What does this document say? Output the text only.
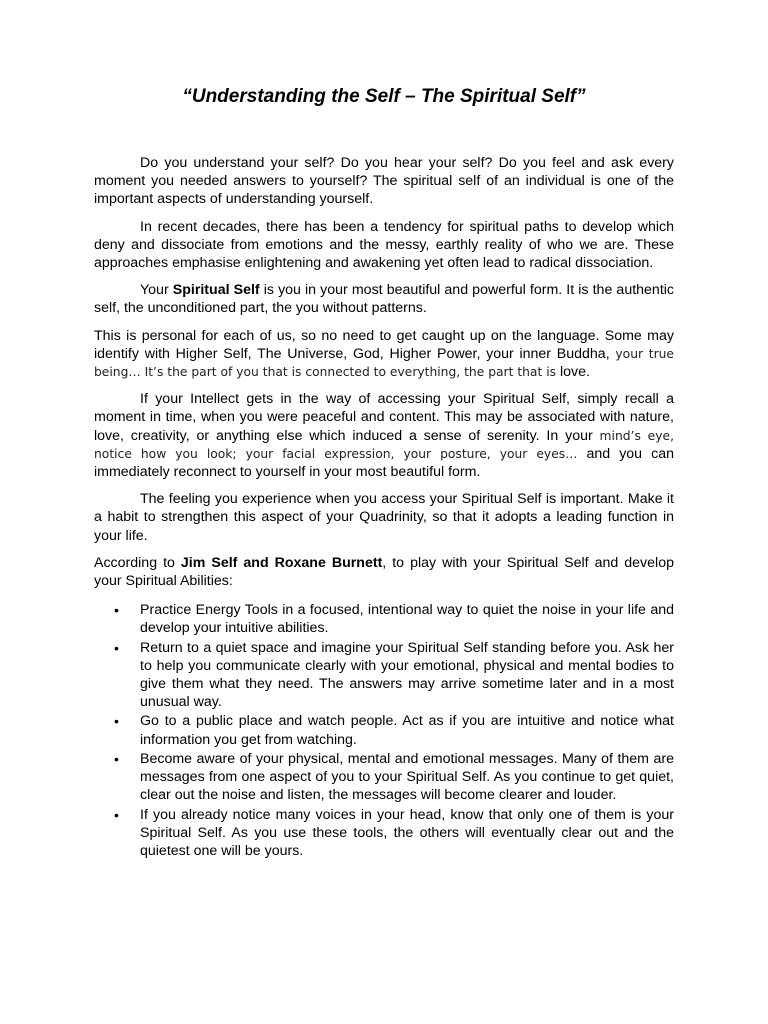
“Understanding the Self – The Spiritual Self”

Do you understand your self? Do you hear your self? Do you feel and ask every moment you needed answers to yourself? The spiritual self of an individual is one of the important aspects of understanding yourself.

In recent decades, there has been a tendency for spiritual paths to develop which deny and dissociate from emotions and the messy, earthly reality of who we are. These approaches emphasise enlightening and awakening yet often lead to radical dissociation.

Your Spiritual Self is you in your most beautiful and powerful form. It is the authentic self, the unconditioned part, the you without patterns.

This is personal for each of us, so no need to get caught up on the language. Some may identify with Higher Self, The Universe, God, Higher Power, your inner Buddha, your true being… It’s the part of you that is connected to everything, the part that is love.

If your Intellect gets in the way of accessing your Spiritual Self, simply recall a moment in time, when you were peaceful and content. This may be associated with nature, love, creativity, or anything else which induced a sense of serenity. In your mind’s eye, notice how you look; your facial expression, your posture, your eyes… and you can immediately reconnect to yourself in your most beautiful form.

The feeling you experience when you access your Spiritual Self is important. Make it a habit to strengthen this aspect of your Quadrinity, so that it adopts a leading function in your life.

According to Jim Self and Roxane Burnett, to play with your Spiritual Self and develop your Spiritual Abilities:

• Practice Energy Tools in a focused, intentional way to quiet the noise in your life and develop your intuitive abilities.
• Return to a quiet space and imagine your Spiritual Self standing before you. Ask her to help you communicate clearly with your emotional, physical and mental bodies to give them what they need. The answers may arrive sometime later and in a most unusual way.
• Go to a public place and watch people. Act as if you are intuitive and notice what information you get from watching.
• Become aware of your physical, mental and emotional messages. Many of them are messages from one aspect of you to your Spiritual Self. As you continue to get quiet, clear out the noise and listen, the messages will become clearer and louder.
• If you already notice many voices in your head, know that only one of them is your Spiritual Self. As you use these tools, the others will eventually clear out and the quietest one will be yours.
